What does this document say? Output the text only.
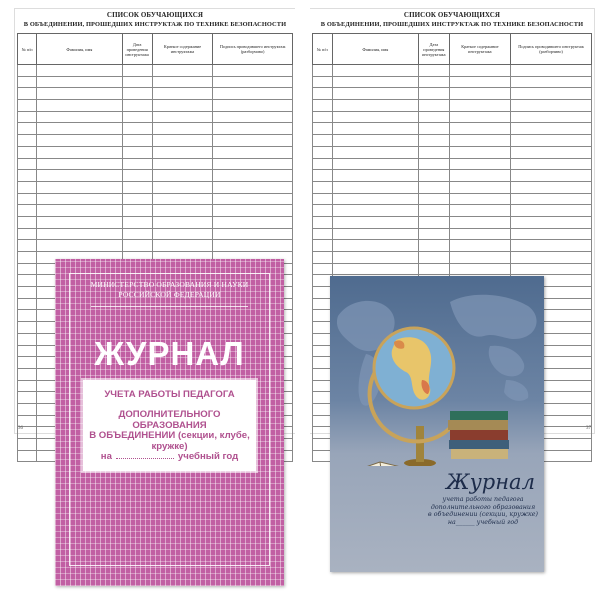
СПИСОК ОБУЧАЮЩИХСЯ
В ОБЪЕДИНЕНИИ, ПРОШЕДШИХ ИНСТРУКТАЖ ПО ТЕХНИКЕ БЕЗОПАСНОСТИ
№ п/п	Фамилия, имя	Дата проведения инструктажа	Краткое содержание инструктажа	Подпись проводившего инструктаж (разборчиво)

36
СПИСОК ОБУЧАЮЩИХСЯ
В ОБЪЕДИНЕНИИ, ПРОШЕДШИХ ИНСТРУКТАЖ ПО ТЕХНИКЕ БЕЗОПАСНОСТИ
№ п/п	Фамилия, имя	Дата проведения инструктажа	Краткое содержание инструктажа	Подпись проводившего инструктаж (разборчиво)

37
МИНИСТЕРСТВО ОБРАЗОВАНИЯ И НАУКИ
РОССИЙСКОЙ ФЕДЕРАЦИИ
ЖУРНАЛ
УЧЕТА РАБОТЫ ПЕДАГОГА
ДОПОЛНИТЕЛЬНОГО ОБРАЗОВАНИЯ
В ОБЪЕДИНЕНИИ (секции, клубе, кружке)
на	учебный год
Журнал
учета работы педагога
дополнительного образования
в объединении (секции, кружке)
на______ учебный год
